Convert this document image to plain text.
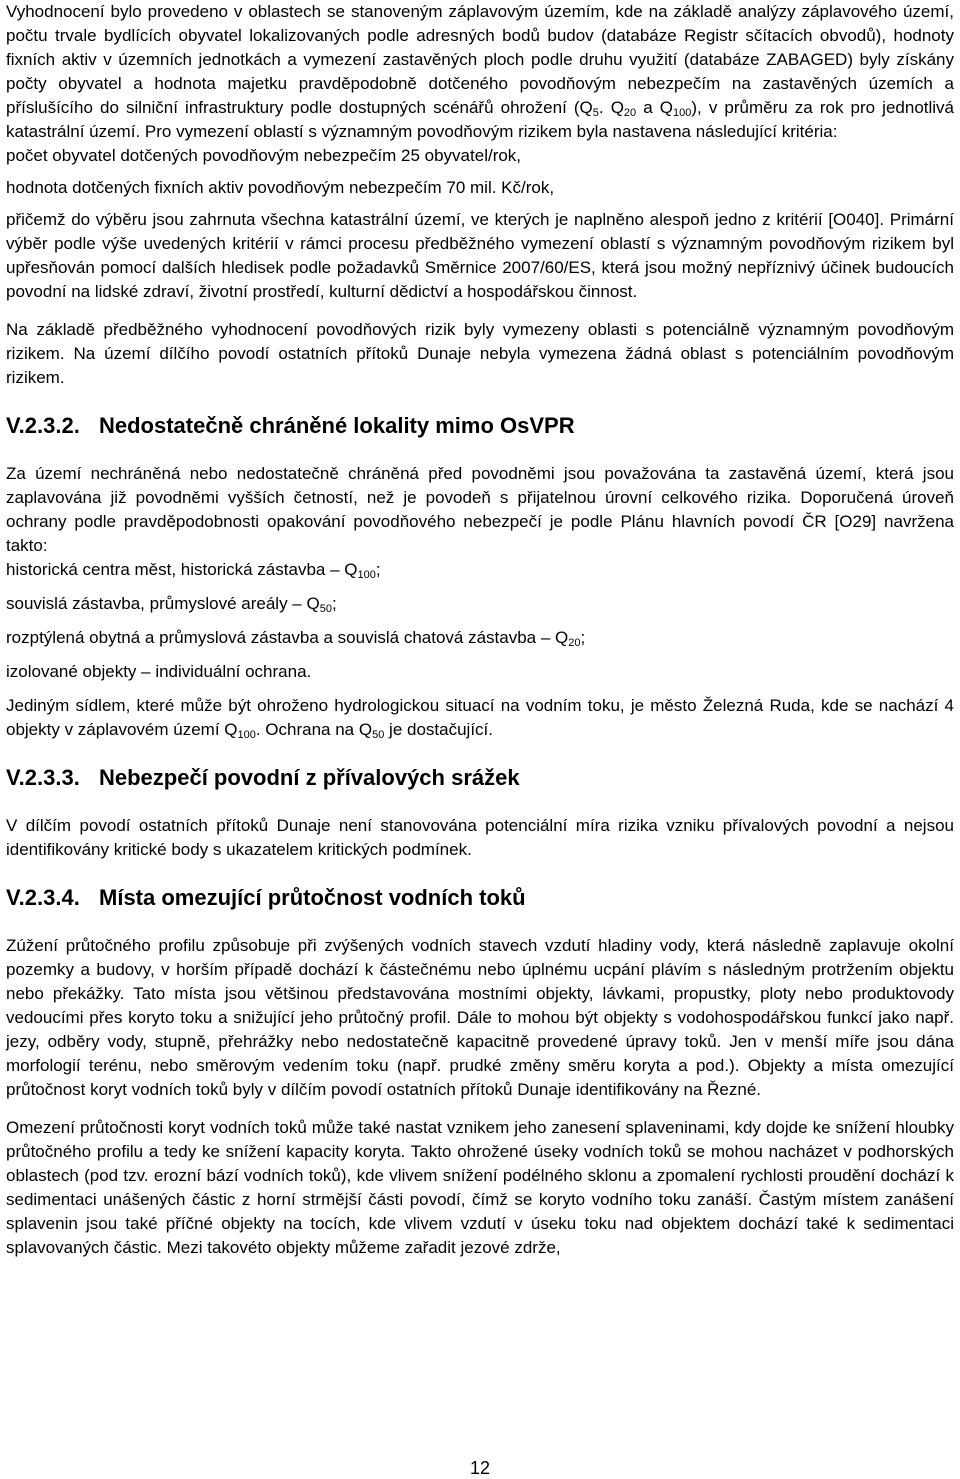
Vyhodnocení bylo provedeno v oblastech se stanoveným záplavovým územím, kde na základě analýzy záplavového území, počtu trvale bydlících obyvatel lokalizovaných podle adresných bodů budov (databáze Registr sčítacích obvodů), hodnoty fixních aktiv v územních jednotkách a vymezení zastavěných ploch podle druhu využití (databáze ZABAGED) byly získány počty obyvatel a hodnota majetku pravděpodobně dotčeného povodňovým nebezpečím na zastavěných územích a příslušícího do silniční infrastruktury podle dostupných scénářů ohrožení ($Q_5$. $Q_{20}$ a $Q_{100}$), v průměru za rok pro jednotlivá katastrální území. Pro vymezení oblastí s významným povodňovým rizikem byla nastavena následující kritéria:

počet obyvatel dotčených povodňovým nebezpečím 25 obyvatel/rok,
hodnota dotčených fixních aktiv povodňovým nebezpečím 70 mil. Kč/rok,

přičemž do výběru jsou zahrnuta všechna katastrální území, ve kterých je naplněno alespoň jedno z kritérií [O040]. Primární výběr podle výše uvedených kritérií v rámci procesu předběžného vymezení oblastí s významným povodňovým rizikem byl upřesňován pomocí dalších hledisek podle požadavků Směrnice 2007/60/ES, která jsou možný nepříznivý účinek budoucích povodní na lidské zdraví, životní prostředí, kulturní dědictví a hospodářskou činnost.

Na základě předběžného vyhodnocení povodňových rizik byly vymezeny oblasti s potenciálně významným povodňovým rizikem. Na území dílčího povodí ostatních přítoků Dunaje nebyla vymezena žádná oblast s potenciálním povodňovým rizikem.

V.2.3.2. Nedostatečně chráněné lokality mimo OsVPR

Za území nechráněná nebo nedostatečně chráněná před povodněmi jsou považována ta zastavěná území, která jsou zaplavována již povodněmi vyšších četností, než je povodeň s přijatelnou úrovní celkového rizika. Doporučená úroveň ochrany podle pravděpodobnosti opakování povodňového nebezpečí je podle Plánu hlavních povodí ČR [O29] navržena takto:

historická centra měst, historická zástavba – $Q_{100}$;
souvislá zástavba, průmyslové areály – $Q_{50}$;
rozptýlená obytná a průmyslová zástavba a souvislá chatová zástavba – $Q_{20}$;
izolované objekty – individuální ochrana.

Jediným sídlem, které může být ohroženo hydrologickou situací na vodním toku, je město Železná Ruda, kde se nachází 4 objekty v záplavovém území $Q_{100}$. Ochrana na $Q_{50}$ je dostačující.

V.2.3.3. Nebezpečí povodní z přívalových srážek

V dílčím povodí ostatních přítoků Dunaje není stanovována potenciální míra rizika vzniku přívalových povodní a nejsou identifikovány kritické body s ukazatelem kritických podmínek.

V.2.3.4. Místa omezující průtočnost vodních toků

Zúžení průtočného profilu způsobuje při zvýšených vodních stavech vzdutí hladiny vody, která následně zaplavuje okolní pozemky a budovy, v horším případě dochází k částečnému nebo úplnému ucpání plávím s následným protržením objektu nebo překážky. Tato místa jsou většinou představována mostními objekty, lávkami, propustky, ploty nebo produktovody vedoucími přes koryto toku a snižující jeho průtočný profil. Dále to mohou být objekty s vodohospodářskou funkcí jako např. jezy, odběry vody, stupně, přehrážky nebo nedostatečně kapacitně provedené úpravy toků. Jen v menší míře jsou dána morfologií terénu, nebo směrovým vedením toku (např. prudké změny směru koryta a pod.). Objekty a místa omezující průtočnost koryt vodních toků byly v dílčím povodí ostatních přítoků Dunaje identifikovány na Řezné.

Omezení průtočnosti koryt vodních toků může také nastat vznikem jeho zanesení splaveninami, kdy dojde ke snížení hloubky průtočného profilu a tedy ke snížení kapacity koryta. Takto ohrožené úseky vodních toků se mohou nacházet v podhorských oblastech (pod tzv. erozní bází vodních toků), kde vlivem snížení podélného sklonu a zpomalení rychlosti proudění dochází k sedimentaci unášených částic z horní strmější části povodí, čímž se koryto vodního toku zanáší. Častým místem zanášení splavenin jsou také příčné objekty na tocích, kde vlivem vzdutí v úseku toku nad objektem dochází také k sedimentaci splavovaných částic. Mezi takovéto objekty můžeme zařadit jezové zdrže,

12
